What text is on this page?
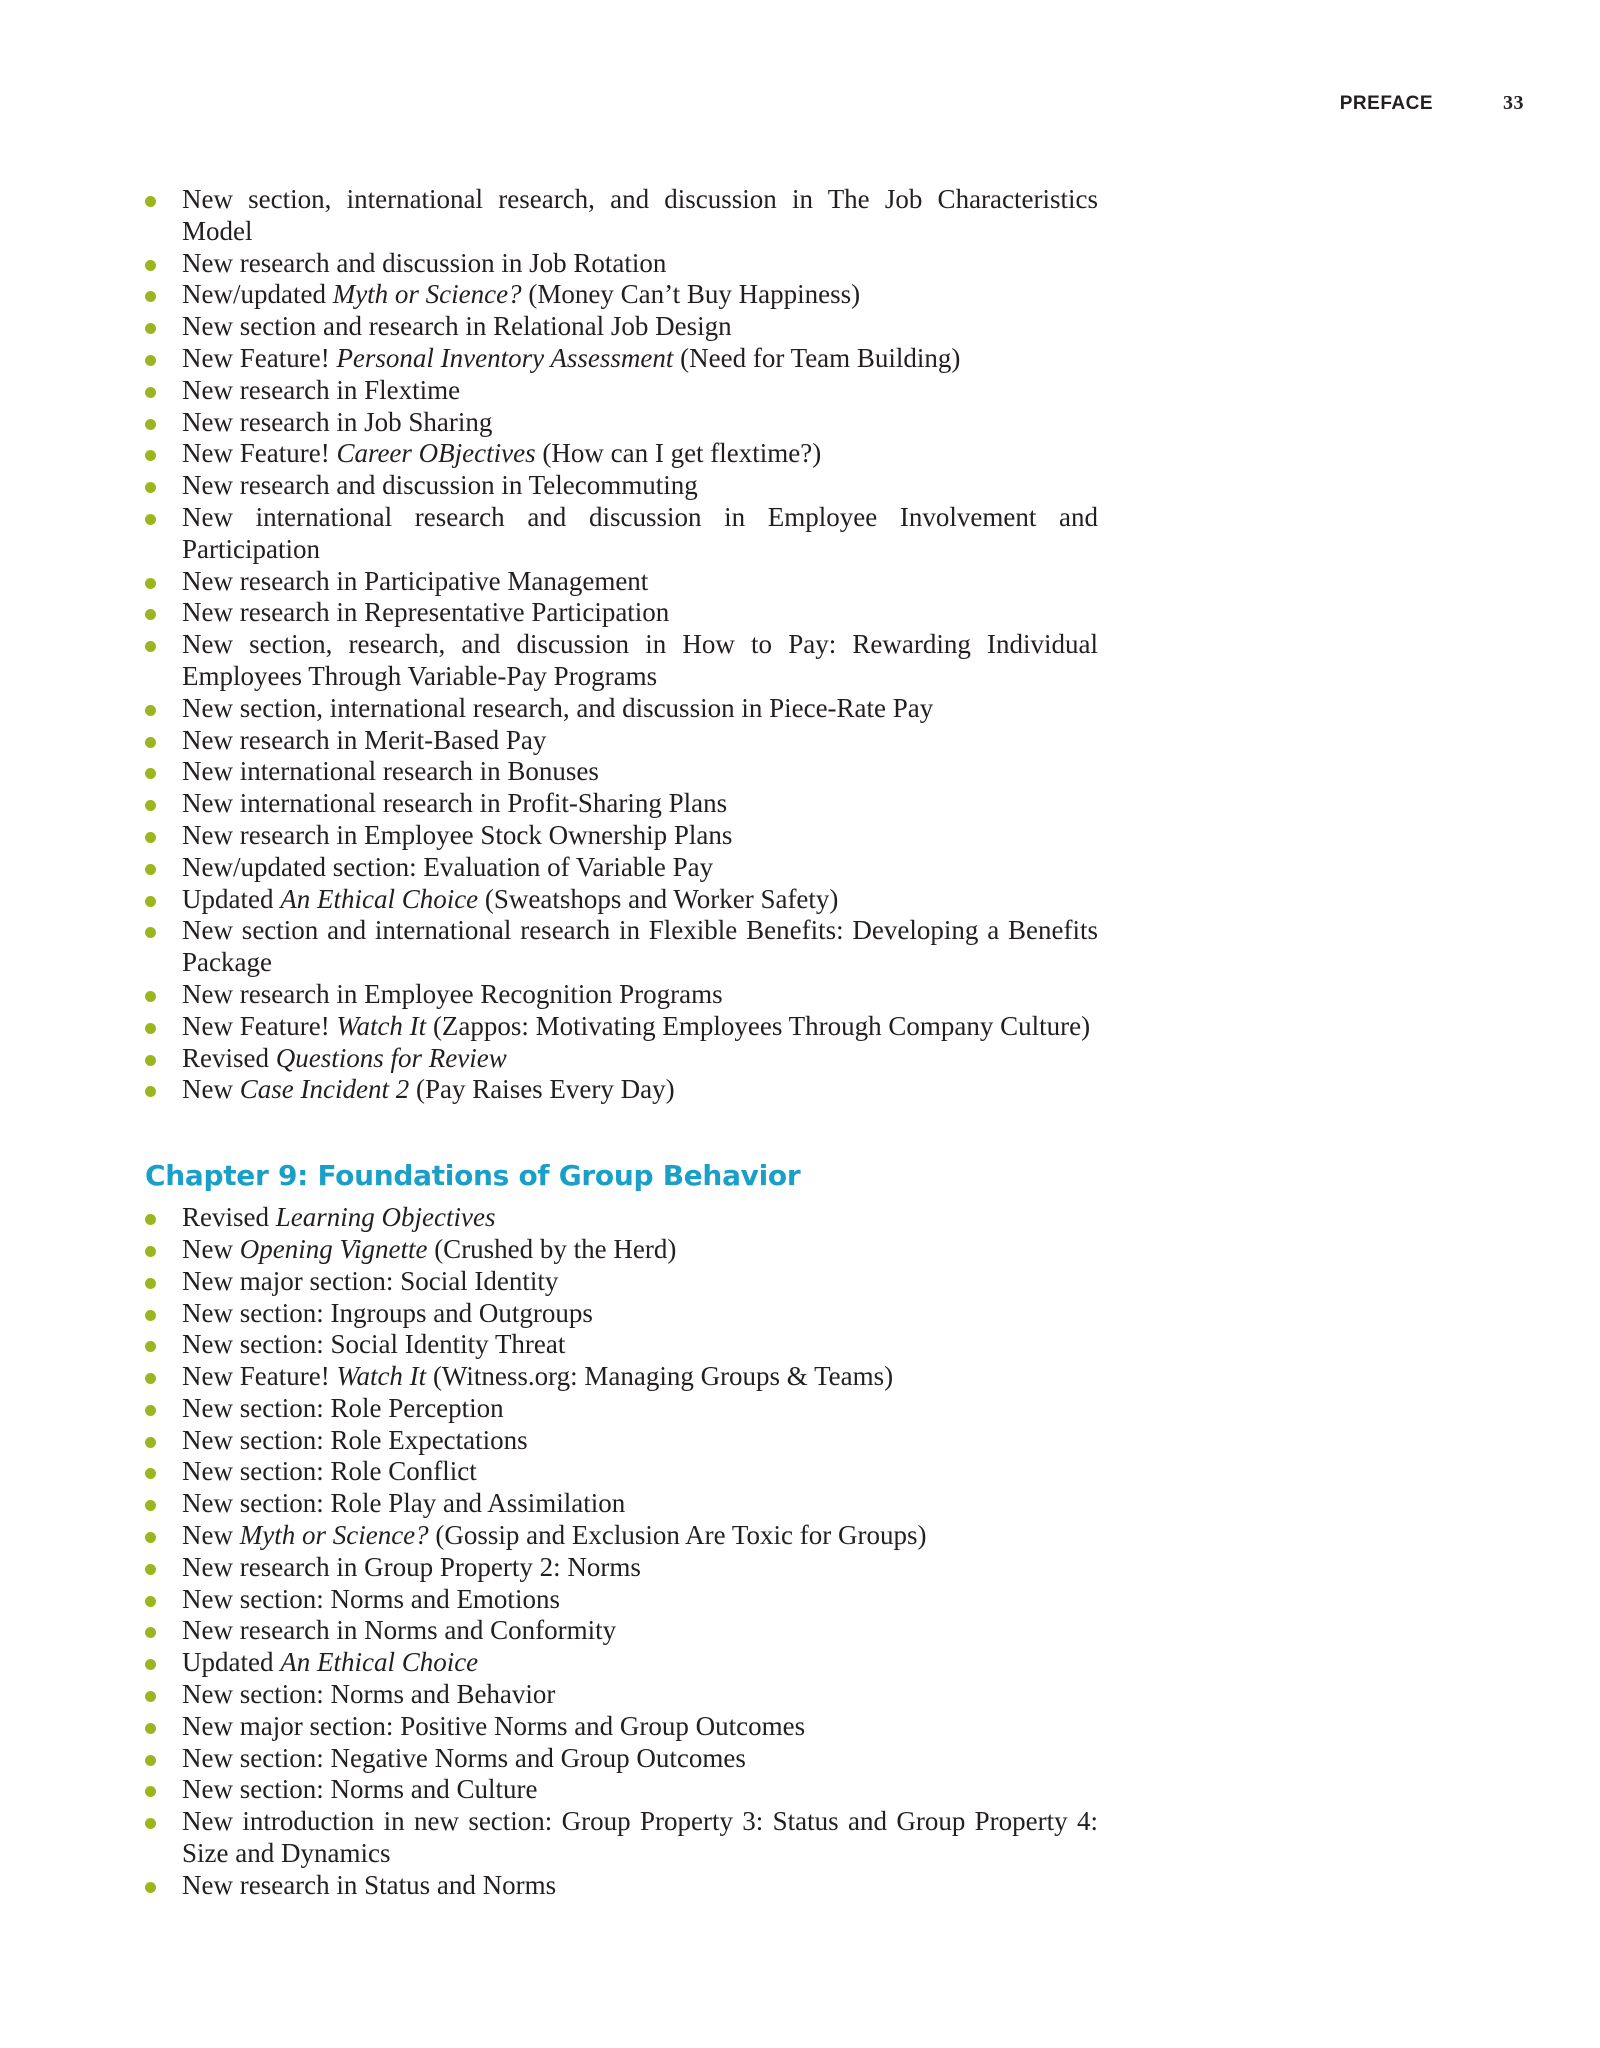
PREFACE	33
New section, international research, and discussion in The Job Characteristics Model
New research and discussion in Job Rotation
New/updated Myth or Science? (Money Can’t Buy Happiness)
New section and research in Relational Job Design
New Feature! Personal Inventory Assessment (Need for Team Building)
New research in Flextime
New research in Job Sharing
New Feature! Career OBjectives (How can I get flextime?)
New research and discussion in Telecommuting
New international research and discussion in Employee Involvement and Participation
New research in Participative Management
New research in Representative Participation
New section, research, and discussion in How to Pay: Rewarding Individual Employees Through Variable-Pay Programs
New section, international research, and discussion in Piece-Rate Pay
New research in Merit-Based Pay
New international research in Bonuses
New international research in Profit-Sharing Plans
New research in Employee Stock Ownership Plans
New/updated section: Evaluation of Variable Pay
Updated An Ethical Choice (Sweatshops and Worker Safety)
New section and international research in Flexible Benefits: Developing a Benefits Package
New research in Employee Recognition Programs
New Feature! Watch It (Zappos: Motivating Employees Through Company Culture)
Revised Questions for Review
New Case Incident 2 (Pay Raises Every Day)
Chapter 9: Foundations of Group Behavior
Revised Learning Objectives
New Opening Vignette (Crushed by the Herd)
New major section: Social Identity
New section: Ingroups and Outgroups
New section: Social Identity Threat
New Feature! Watch It (Witness.org: Managing Groups & Teams)
New section: Role Perception
New section: Role Expectations
New section: Role Conflict
New section: Role Play and Assimilation
New Myth or Science? (Gossip and Exclusion Are Toxic for Groups)
New research in Group Property 2: Norms
New section: Norms and Emotions
New research in Norms and Conformity
Updated An Ethical Choice
New section: Norms and Behavior
New major section: Positive Norms and Group Outcomes
New section: Negative Norms and Group Outcomes
New section: Norms and Culture
New introduction in new section: Group Property 3: Status and Group Property 4: Size and Dynamics
New research in Status and Norms
